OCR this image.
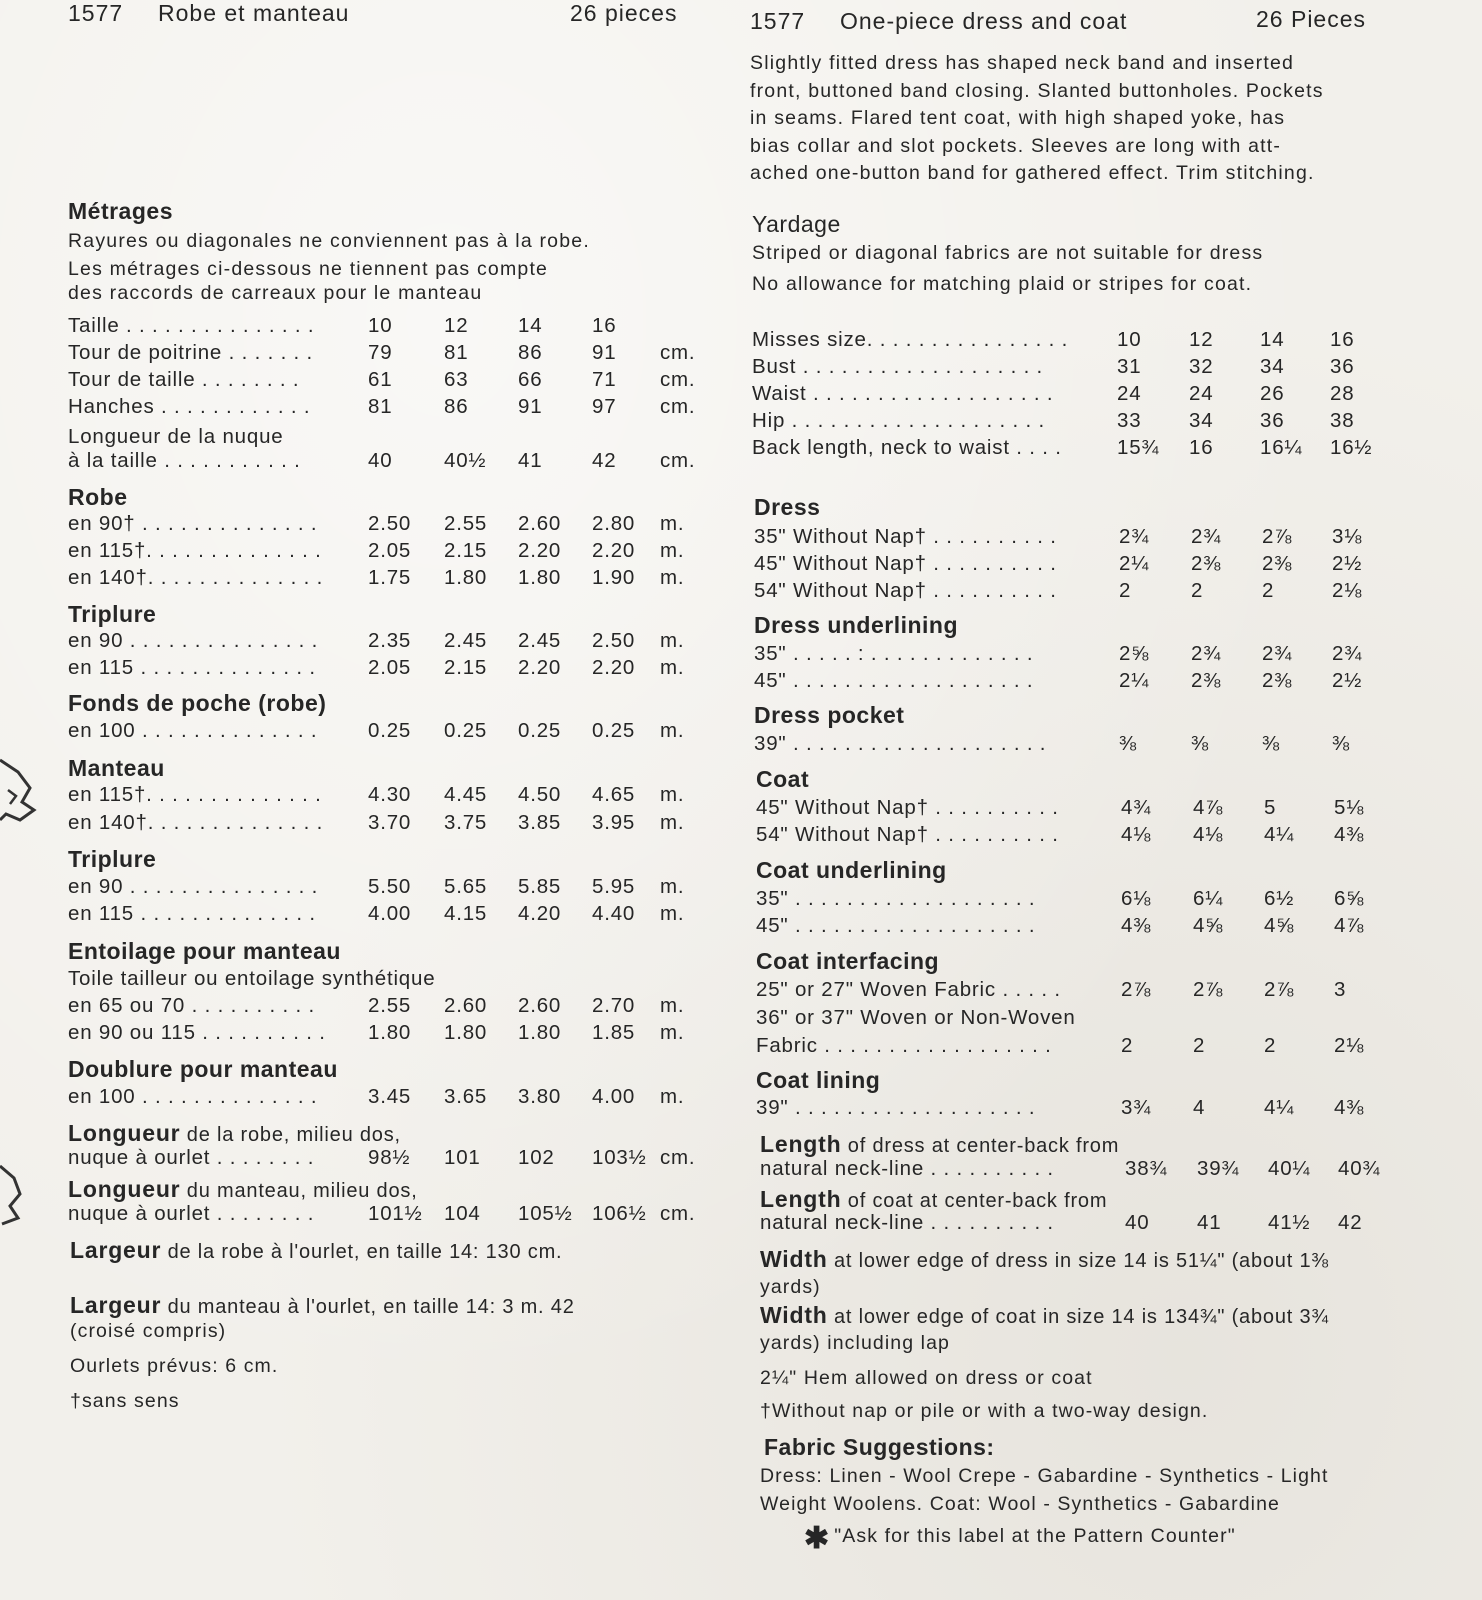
1577 Robe et manteau	26 pieces
Métrages
Rayures ou diagonales ne conviennent pas à la robe.
Les métrages ci-dessous ne tiennent pas compte
des raccords de carreaux pour le manteau
Taille . . . . . . . . . . . . . . .	10	12 14 16
Tour de poitrine . . . . . . .	79	81 86 91 cm.
Tour de taille . . . . . . . .	61	63 66 71 cm.
Hanches . . . . . . . . . . . .	81	86 91 97 cm.
Longueur de la nuque
à la taille . . . . . . . . . . .	40	40½ 41 42 cm.
Robe
en 90† . . . . . . . . . . . . . . 2.50 2.55 2.60 2.80 m.
en 115†. . . . . . . . . . . . . . 2.05 2.15 2.20 2.20 m.
en 140†. . . . . . . . . . . . . . 1.75 1.80 1.80 1.90 m.
Triplure
en 90 . . . . . . . . . . . . . . . 2.35 2.45 2.45 2.50 m.
en 115 . . . . . . . . . . . . . .	2.05 2.15 2.20 2.20 m.
Fonds de poche (robe)
en 100 . . . . . . . . . . . . . . 0.25 0.25 0.25 0.25 m.
Manteau
en 115†. . . . . . . . . . . . . . 4.30 4.45 4.50 4.65 m.
en 140†. . . . . . . . . . . . . . 3.70 3.75 3.85 3.95 m.
Triplure
en 90 . . . . . . . . . . . . . . . 5.50 5.65 5.85 5.95 m.
en 115 . . . . . . . . . . . . . .	4.00 4.15 4.20 4.40 m.
Entoilage pour manteau
Toile tailleur ou entoilage synthétique
en 65 ou 70 . . . . . . . . . .	2.55 2.60 2.60 2.70 m.
en 90 ou 115 . . . . . . . . . . 1.80 1.80 1.80 1.85 m.
Doublure pour manteau
en 100 . . . . . . . . . . . . . . 3.45 3.65 3.80 4.00 m.
Longueur de la robe, milieu dos,
nuque à ourlet . . . . . . . .	98½ 101 102 103½ cm.
Longueur du manteau, milieu dos,
nuque à ourlet . . . . . . . .	101½ 104 105½ 106½ cm.
Largeur de la robe à l'ourlet, en taille 14: 130 cm.
Largeur du manteau à l'ourlet, en taille 14: 3 m. 42
(croisé compris)
Ourlets prévus: 6 cm.
†sans sens
1577 One-piece dress and coat	26 Pieces
Slightly fitted dress has shaped neck band and inserted
front, buttoned band closing. Slanted buttonholes. Pockets
in seams. Flared tent coat, with high shaped yoke, has
bias collar and slot pockets. Sleeves are long with att-
ached one-button band for gathered effect. Trim stitching.
Yardage
Striped or diagonal fabrics are not suitable for dress
No allowance for matching plaid or stripes for coat.
Misses size. . . . . . . . . . . . . . . . 10 12 14 16
Bust . . . . . . . . . . . . . . . . . . .	31 32 34 36
Waist . . . . . . . . . . . . . . . . . . .	24 24 26 28
Hip . . . . . . . . . . . . . . . . . . . .	33 34 36 38
Back length, neck to waist . . . .	15¾ 16 16¼ 16½
Dress
35" Without Nap† . . . . . . . . . .	2¾ 2¾ 2⅞ 3⅛
45" Without Nap† . . . . . . . . . .	2¼ 2⅜ 2⅜ 2½
54" Without Nap† . . . . . . . . . .	2	2	2	2⅛
Dress underlining
35" . . . . . : . . . . . . . . . . . . .	2⅝ 2¾ 2¾ 2¾
45" . . . . . . . . . . . . . . . . . . .	2¼ 2⅜ 2⅜ 2½
Dress pocket
39" . . . . . . . . . . . . . . . . . . . .	⅜	⅜	⅜	⅜
Coat
45" Without Nap† . . . . . . . . . .	4¾ 4⅞ 5	5⅛
54" Without Nap† . . . . . . . . . .	4⅛ 4⅛ 4¼ 4⅜
Coat underlining
35" . . . . . . . . . . . . . . . . . . .	6⅛ 6¼ 6½ 6⅝
45" . . . . . . . . . . . . . . . . . . .	4⅜ 4⅝ 4⅝ 4⅞
Coat interfacing
25" or 27" Woven Fabric . . . . .	2⅞ 2⅞ 2⅞ 3
36" or 37" Woven or Non-Woven
Fabric . . . . . . . . . . . . . . . . . .	2	2	2	2⅛
Coat lining
39" . . . . . . . . . . . . . . . . . . .	3¾ 4	4¼ 4⅜
Length of dress at center-back from
natural neck-line . . . . . . . . . .	38¾ 39¾ 40¼ 40¾
Length of coat at center-back from
natural neck-line . . . . . . . . . .	40 41 41½ 42
Width at lower edge of dress in size 14 is 51¼" (about 1⅜
yards)
Width at lower edge of coat in size 14 is 134¾" (about 3¾
yards) including lap
2¼" Hem allowed on dress or coat
†Without nap or pile or with a two-way design.
Fabric Suggestions:
Dress: Linen - Wool Crepe - Gabardine - Synthetics - Light
Weight Woolens. Coat: Wool - Synthetics - Gabardine
✱ "Ask for this label at the Pattern Counter"
